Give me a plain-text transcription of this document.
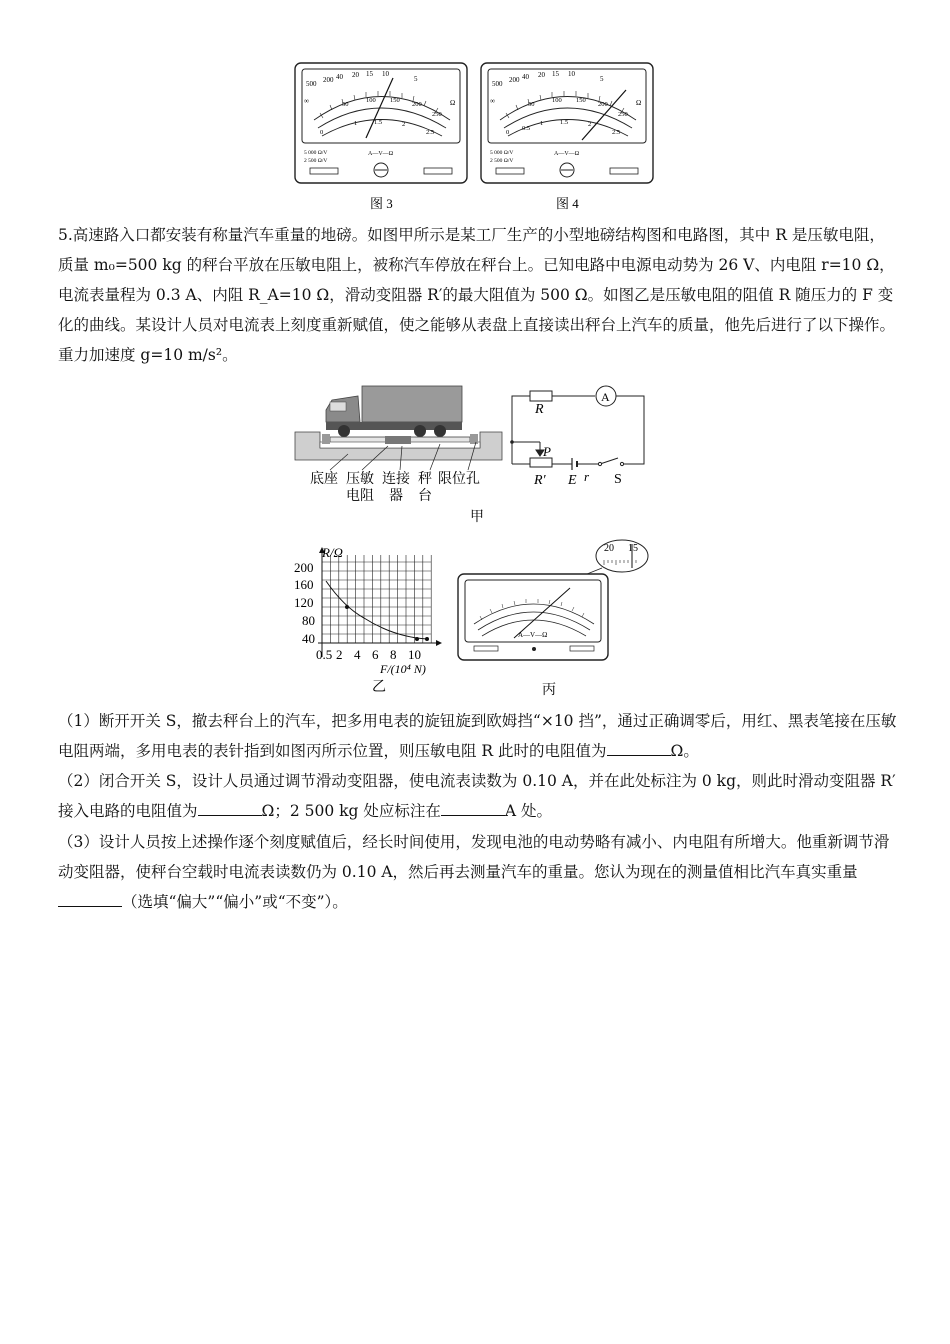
500 200 40 20 15 10
5
Ω
∞	50
100 150
200
250
0
1	1.5	2
2.5
5 000 Ω/V
2 500 Ω/V
A—V—Ω
500 200 40 20 15 10
5
Ω
∞	50
100 150
200
250
0
0.5
1	1.5	2
2.5
5 000 Ω/V
2 500 Ω/V
A—V—Ω
图 3	图 4

5.高速路入口都安装有称量汽车重量的地磅。如图甲所示是某工厂生产的小型地磅结构图和电路图，其中 R 是压敏电阻，质量 m₀=500 kg 的秤台平放在压敏电阻上，被称汽车停放在秤台上。已知电路中电源电动势为 26 V、内电阻 r=10 Ω，电流表量程为 0.3 A、内阻 R_A=10 Ω，滑动变阻器 R′的最大阻值为 500 Ω。如图乙是压敏电阻的阻值 R 随压力的 F 变化的曲线。某设计人员对电流表上刻度重新赋值，使之能够从表盘上直接读出秤台上汽车的质量，他先后进行了以下操作。重力加速度 g=10 m/s²。

底座 压敏
电阻
连接
器
秤
台
限位孔
R
A
P
R′ E r S
甲
R/Ω
200
160
120
80
40
0.5 2 4 6 8 10
F/(10⁴ N)
乙
20 15
A—V—Ω
丙

（1）断开开关 S，撤去秤台上的汽车，把多用电表的旋钮旋到欧姆挡“×10 挡”，通过正确调零后，用红、黑表笔接在压敏电阻两端，多用电表的表针指到如图丙所示位置，则压敏电阻 R 此时的电阻值为	Ω。

（2）闭合开关 S，设计人员通过调节滑动变阻器，使电流表读数为 0.10 A，并在此处标注为 0 kg，则此时滑动变阻器 R′接入电路的电阻值为	Ω；2 500 kg 处应标注在	A 处。

（3）设计人员按上述操作逐个刻度赋值后，经长时间使用，发现电池的电动势略有减小、内电阻有所增大。他重新调节滑动变阻器，使秤台空载时电流表读数仍为 0.10 A，然后再去测量汽车的重量。您认为现在的测量值相比汽车真实重量（选填“偏大”“偏小”或“不变”）。
